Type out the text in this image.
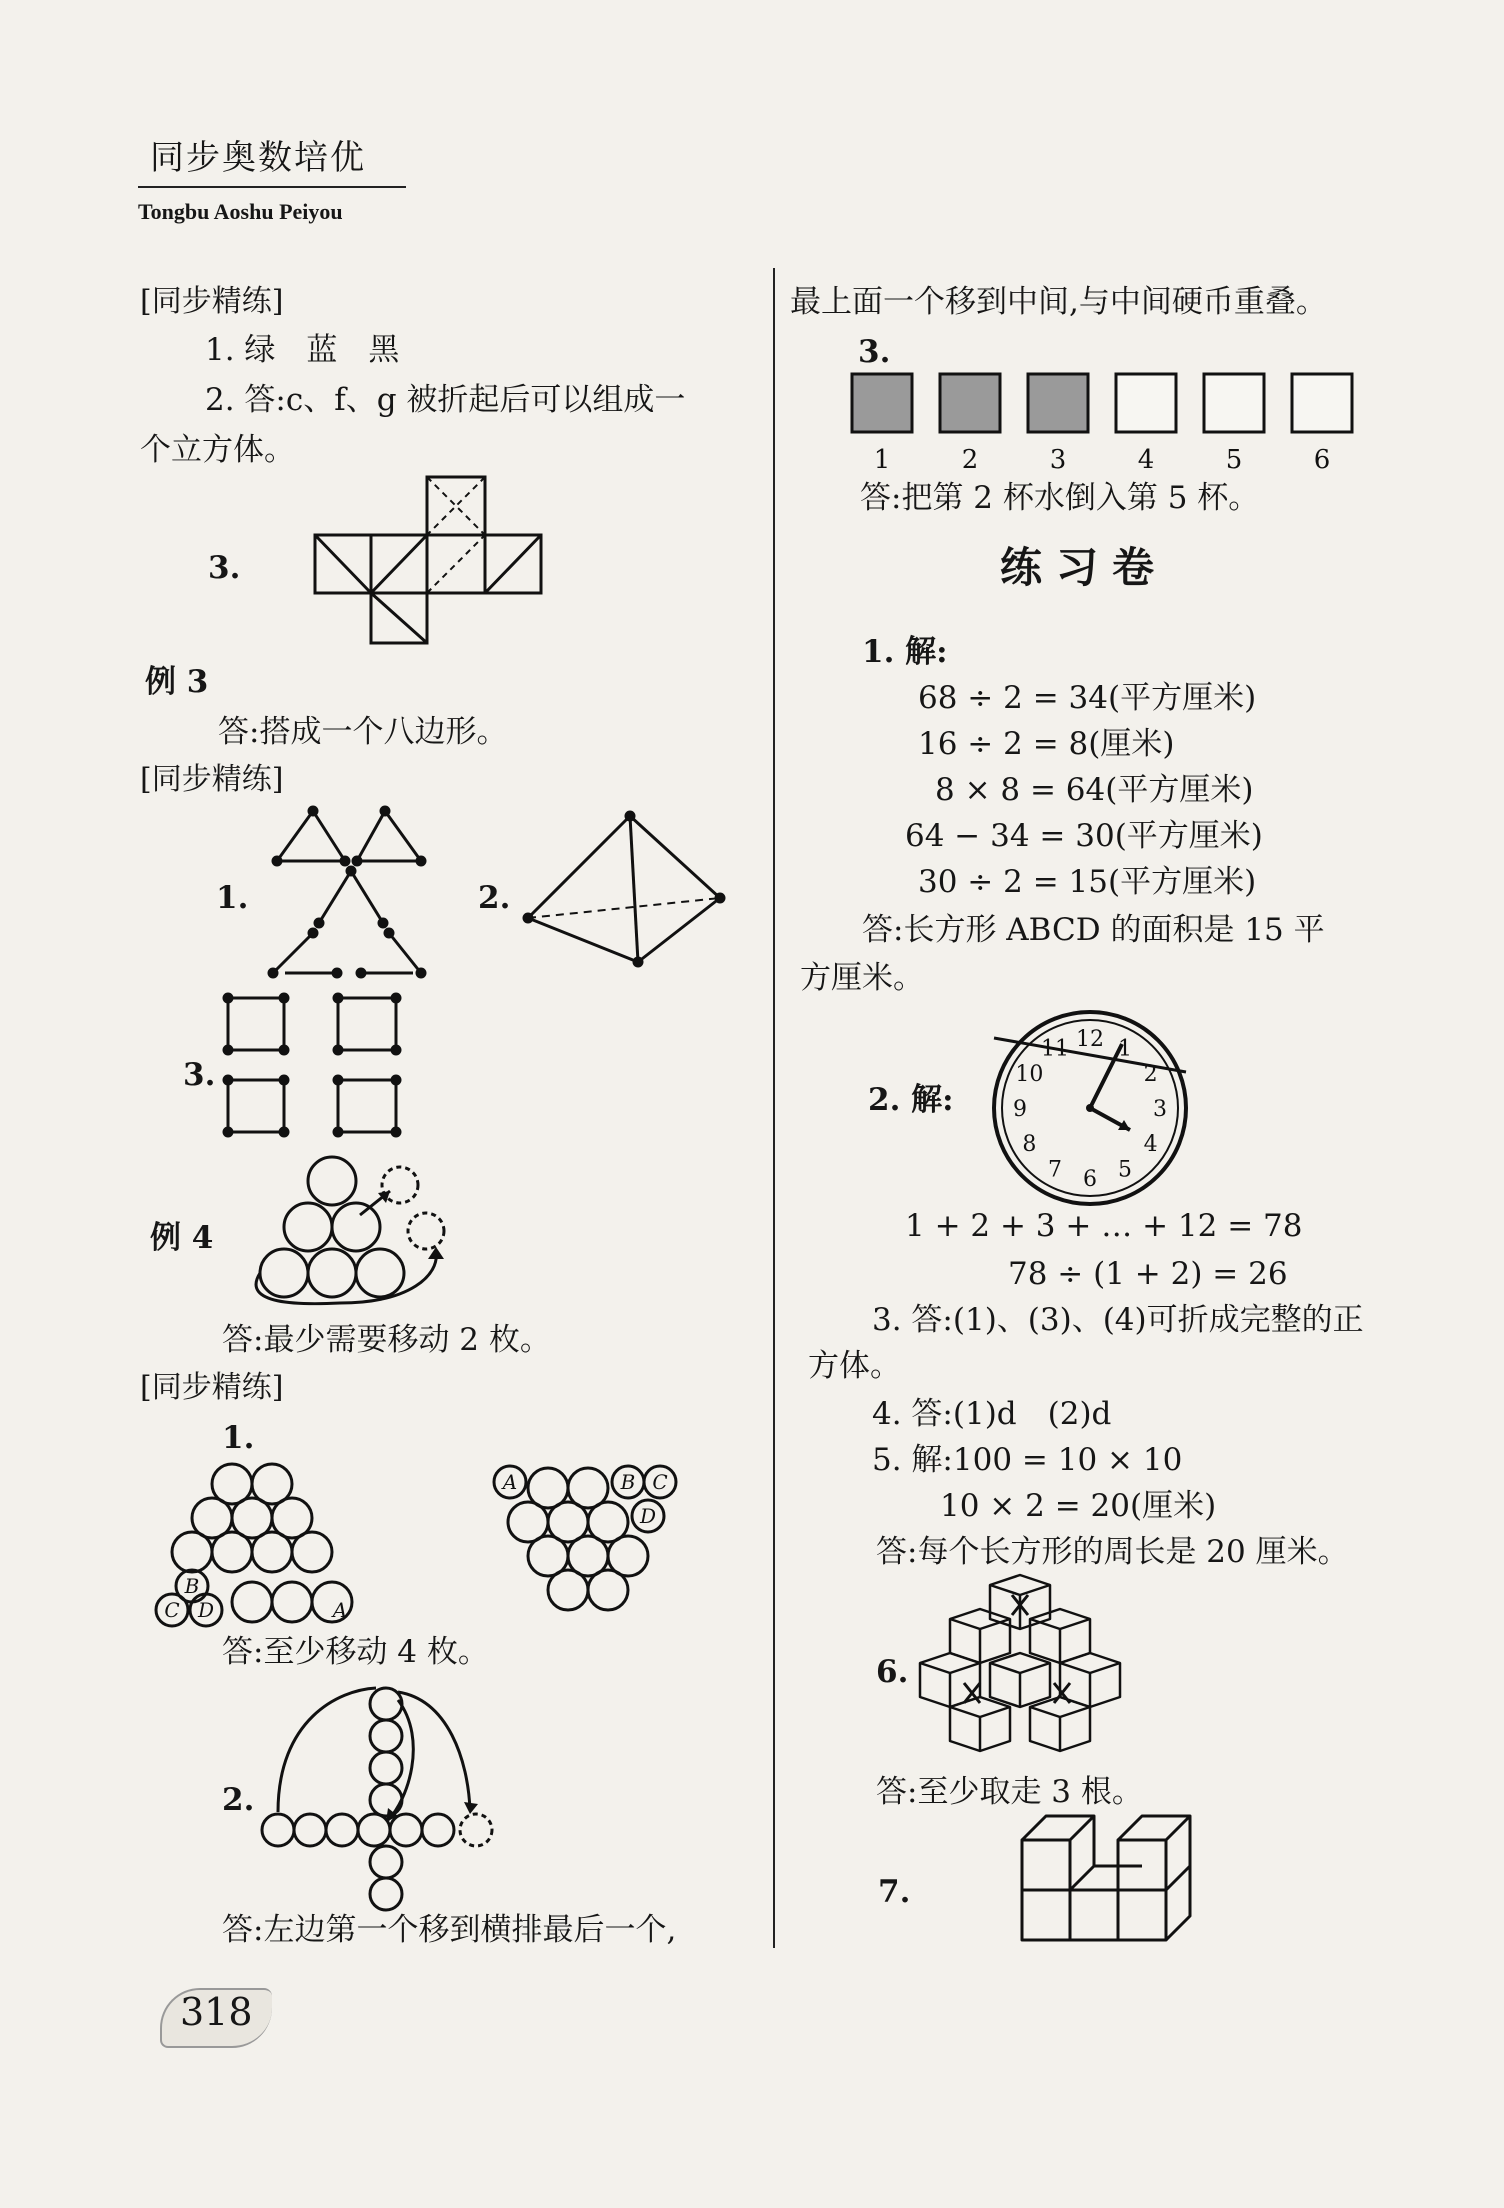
同步奥数培优
Tongbu Aoshu Peiyou
[同步精练]
1. 绿　蓝　黑
2. 答:c、f、g 被折起后可以组成一
个立方体。
3.
例 3
答:搭成一个八边形。
[同步精练]
1.	2.
3.
例 4
答:最少需要移动 2 枚。
[同步精练]
1.
B
C D	A
A	B C
D
答:至少移动 4 枚。
2.
答:左边第一个移到横排最后一个,
318
最上面一个移到中间,与中间硬币重叠。
3.
1	2	3	4	5	6
答:把第 2 杯水倒入第 5 杯。
练习卷
1. 解:
68 ÷ 2 = 34(平方厘米)
16 ÷ 2 = 8(厘米)
8 × 8 = 64(平方厘米)
64 − 34 = 30(平方厘米)
30 ÷ 2 = 15(平方厘米)
答:长方形 ABCD 的面积是 15 平
方厘米。
2. 解:
12 1
2
3
4
5
6
7
8
9
10
11
1 + 2 + 3 + … + 12 = 78
78 ÷ (1 + 2) = 26
3. 答:(1)、(3)、(4)可折成完整的正
方体。
4. 答:(1)d　(2)d
5. 解:100 = 10 × 10
10 × 2 = 20(厘米)
答:每个长方形的周长是 20 厘米。
6.
答:至少取走 3 根。
7.
